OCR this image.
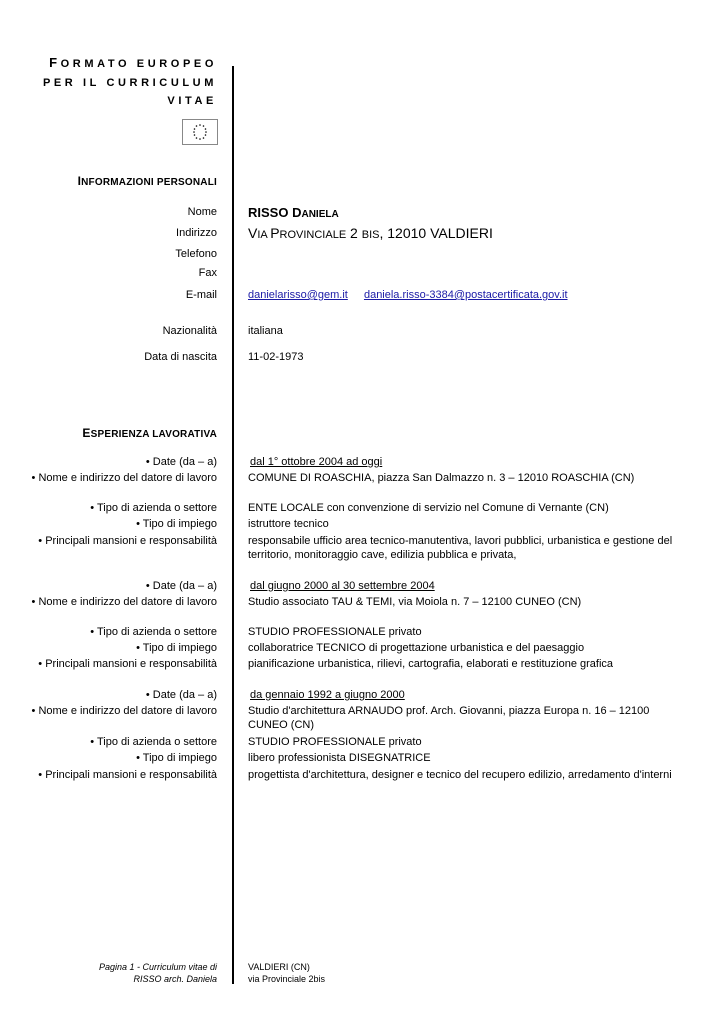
FORMATO EUROPEO
PER IL CURRICULUM
VITAE
INFORMAZIONI PERSONALI
Nome RISSO DANIELA
Indirizzo VIA PROVINCIALE 2 BIS, 12010 VALDIERI
Telefono
Fax
E-mail	danielarisso@gem.it daniela.risso-3384@postacertificata.gov.it
Nazionalità	italiana
Data di nascita	11-02-1973
ESPERIENZA LAVORATIVA
• Date (da – a)	dal 1° ottobre 2004 ad oggi
• Nome e indirizzo del datore di lavoro	COMUNE DI ROASCHIA, piazza San Dalmazzo n. 3 – 12010 ROASCHIA (CN)
• Tipo di azienda o settore	ENTE LOCALE con convenzione di servizio nel Comune di Vernante (CN)
• Tipo di impiego	istruttore tecnico
• Principali mansioni e responsabilità	responsabile ufficio area tecnico-manutentiva, lavori pubblici, urbanistica e gestione del territorio, monitoraggio cave, edilizia pubblica e privata,
• Date (da – a)	dal giugno 2000 al 30 settembre 2004
• Nome e indirizzo del datore di lavoro	Studio associato TAU & TEMI, via Moiola n. 7 – 12100 CUNEO (CN)
• Tipo di azienda o settore	STUDIO PROFESSIONALE privato
• Tipo di impiego	collaboratrice TECNICO di progettazione urbanistica e del paesaggio
• Principali mansioni e responsabilità	pianificazione urbanistica, rilievi, cartografia, elaborati e restituzione grafica
• Date (da – a)	da gennaio 1992 a giugno 2000
• Nome e indirizzo del datore di lavoro	Studio d'architettura ARNAUDO prof. Arch. Giovanni, piazza Europa n. 16 – 12100 CUNEO (CN)
• Tipo di azienda o settore	STUDIO PROFESSIONALE privato
• Tipo di impiego	libero professionista DISEGNATRICE
• Principali mansioni e responsabilità	progettista d'architettura, designer e tecnico del recupero edilizio, arredamento d'interni
Pagina 1 - Curriculum vitae di
RISSO arch. Daniela
VALDIERI (CN)
via Provinciale 2bis
